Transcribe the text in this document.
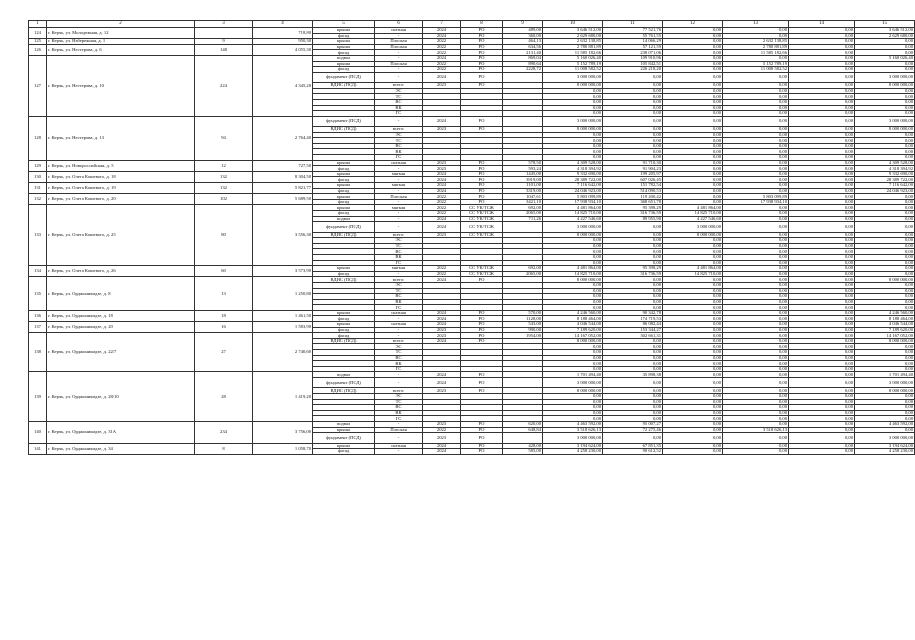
1	2	3	4	5	6	7	8	9	10	11	12	13	14	15
124	г. Керчь, ул. Молодежная, д. 12		718,80	крыша	скатная	2024	РО	489,00	3 646 512,00	77 521,76	0,00	0,00	0,00	3 646 512,00
				фасад	-	2024	РО	360,00	2 629 680,00	55 761,55	0,00	0,00	0,00	2 629 680,00
125	г. Керчь, ул. Набережная, д. 1	9	950,30	крыша	Плоская	2022	РО	464,13	2 632 138,85	14 066,29	0,00	2 632 138,85	0,00	0,00
126	г. Керчь, ул. Нестерова, д. 6	148	4 055,30	крыша	Плоская	2022	РО	634,56	2 780 881,89	57 121,59	0,00	2 780 881,89	0,00	0,00
				фасад	-	2022	РО	2131,40	11 585 182,66	238 071,06	0,00	11 585 182,66	0,00	0,00
127	г. Керчь, ул. Нестерова, д. 10	224	4 345,20	подвал	-	2024	РО	869,04	5 160 026,40	109 910,96	0,00	0,00	0,00	5 160 026,40
				крыша	Плоская	2022	РО	890,64	5 152 789,19	105 842,51	0,00	5 152 789,19	0,00	0,00
				фасад	-	2022	РО	2228,72	11 008 582,52	226 218,20	0,00	11 008 582,52	0,00	0,00
				фундамент (ПСД)	-	2024	РО		3 000 000,00	0,00	0,00	0,00	0,00	3 000 000,00
				ВДИС (ПСД)	всего:	2023	РО		8 000 000,00	0,00	0,00	0,00	0,00	8 000 000,00
					ЭС				0,00	0,00	0,00	0,00	0,00	0,00
					ТС				0,00	0,00	0,00	0,00	0,00	0,00
					ВС				0,00	0,00	0,00	0,00	0,00	0,00
					ВК				0,00	0,00	0,00	0,00	0,00	0,00
					ГС				0,00	0,00	0,00	0,00	0,00	0,00
128	г. Керчь, ул. Нестерова, д. 13	94	2 764,40	фундамент (ПСД)	-	2024	РО		3 000 000,00	0,00	0,00	0,00	0,00	3 000 000,00
				ВДИС (ПСД)	всего:	2023	РО		8 000 000,00	0,00	0,00	0,00	0,00	8 000 000,00
					ЭС				0,00	0,00	0,00	0,00	0,00	0,00
					ТС				0,00	0,00	0,00	0,00	0,00	0,00
					ВС				0,00	0,00	0,00	0,00	0,00	0,00
					ВК				0,00	0,00	0,00	0,00	0,00	0,00
					ГС				0,00	0,00	0,00	0,00	0,00	0,00
129	г. Керчь, ул. Новороссийская, д. 5	12	727,50	крыша	скатная	2023	РО	578,50	4 309 528,00	91 710,30	0,00	0,00	0,00	4 309 528,00
				фасад	-	2023	РО	593,24	4 318 394,92	91 904,23	0,00	0,00	0,00	4 318 394,92
130	г. Керчь, ул. Олега Кошевого, д. 18	132	8 304,50	крыша	мягкая	2024	РО	1445,00	9 332 690,00	199 205,97	0,00	0,00	0,00	9 332 690,00
				фасад	-	2024	РО	3919,00	28 389 722,00	607 026,45	0,00	0,00	0,00	28 389 722,00
131	г. Керчь, ул. Олега Кошевого, д. 19	132	5 821,77	крыша	мягкая	2024	РО	1101,00	7 116 642,00	151 782,54	0,00	0,00	0,00	7 116 642,00
				фасад	-	2024	РО	3319,00	24 046 923,00	514 090,53	0,00	0,00	0,00	24 046 923,00
132	г. Керчь, ул. Олега Кошевого, д. 20	102	5 689,50	крыша	Плоская	2022	РО	1047,61	5 803 099,89	119 200,42	0,00	5 803 099,89	0,00	0,00
				фасад	-	2022	РО	3421,10	17 938 934,10	368 651,78	0,00	17 938 934,10	0,00	0,00
133	г. Керчь, ул. Олега Кошевого, д. 25	80	3 556,30	крыша	мягкая	2022	СС УК/ТСЖ	692,00	4 481 864,00	95 398,29	4 481 864,00	0,00	0,00	0,00
				фасад	-	2022	СС УК/ТСЖ	2065,00	14 825 710,00	316 736,59	14 825 710,00	0,00	0,00	0,00
				подвал	-	2024	СС УК/ТСЖ	711,26	4 227 546,60	89 955,90	4 227 546,60	0,00	0,00	0,00
				фундамент (ПСД)	-	2024	СС УК/ТСЖ		3 000 000,00	0,00	3 000 000,00	0,00	0,00	0,00
				ВДИС (ПСД)	всего:	2023	СС УК/ТСЖ		8 000 000,00	0,00	8 000 000,00	0,00	0,00	0,00
					ЭС				0,00	0,00	0,00	0,00	0,00	0,00
					ТС				0,00	0,00	0,00	0,00	0,00	0,00
					ВС				0,00	0,00	0,00	0,00	0,00	0,00
					ВК				0,00	0,00	0,00	0,00	0,00	0,00
					ГС				0,00	0,00	0,00	0,00	0,00	0,00
134	г. Керчь, ул. Олега Кошевого, д. 26	60	3 573,90	крыша	мягкая	2022	СС УК/ТСЖ	692,00	4 481 864,00	95 398,29	4 481 864,00	0,00	0,00	0,00
				фасад	-	2022	СС УК/ТСЖ	2065,00	14 825 710,00	316 736,59	14 825 710,00	0,00	0,00	0,00
135	г. Керчь, ул. Орджоникидзе, д. 8	13	1 250,80	ВДИС (ПСД)	всего:	2024	РО		8 000 000,00	0,00	0,00	0,00	0,00	8 000 000,00
					ЭС				0,00	0,00	0,00	0,00	0,00	0,00
					ТС				0,00	0,00	0,00	0,00	0,00	0,00
					ВС				0,00	0,00	0,00	0,00	0,00	0,00
					ВК				0,00	0,00	0,00	0,00	0,00	0,00
					ГС				0,00	0,00	0,00	0,00	0,00	0,00
136	г. Керчь, ул. Орджоникидзе, д. 18	18	1 461,50	крыша	скатная	2024	РО	570,00	4 246 560,00	90 342,78	0,00	0,00	0,00	4 246 560,00
				фасад	-	2024	РО	1128,00	8 188 464,00	174 719,53	0,00	0,00	0,00	8 188 464,00
137	г. Керчь, ул. Орджоникидзе, д. 20	16	1 583,90	крыша	скатная	2024	РО	543,00	4 046 544,00	86 082,44	0,00	0,00	0,00	4 046 544,00
				фасад	-	2023	РО	990,00	7 189 620,00	153 344,27	0,00	0,00	0,00	7 189 620,00
138	г. Керчь, ул. Орджоникидзе, д. 22/7	27	2 740,60	фасад	-	2023	РО	1954,00	14 167 052,00	302 661,31	0,00	0,00	0,00	14 167 052,00
				ВДИС (ПСД)	всего:	2024	РО		8 000 000,00	0,00	0,00	0,00	0,00	8 000 000,00
					ЭС				0,00	0,00	0,00	0,00	0,00	0,00
					ТС				0,00	0,00	0,00	0,00	0,00	0,00
					ВС				0,00	0,00	0,00	0,00	0,00	0,00
					ВК				0,00	0,00	0,00	0,00	0,00	0,00
					ГС				0,00	0,00	0,00	0,00	0,00	0,00
139	г. Керчь, ул. Орджоникидзе, д. 28/10	28	1 419,20	подвал	-	2024	РО		1 701 494,40	35 898,38	0,00	0,00	0,00	1 701 494,40
				фундамент (ПСД)	-	2024	РО		3 000 000,00	0,00	0,00	0,00	0,00	3 000 000,00
				ВДИС (ПСД)	всего:	2023	РО		8 000 000,00	0,00	0,00	0,00	0,00	8 000 000,00
					ЭС				0,00	0,00	0,00	0,00	0,00	0,00
					ТС				0,00	0,00	0,00	0,00	0,00	0,00
					ВС				0,00	0,00	0,00	0,00	0,00	0,00
					ВК				0,00	0,00	0,00	0,00	0,00	0,00
					ГС				0,00	0,00	0,00	0,00	0,00	0,00
140	г. Керчь, ул. Орджоникидзе, д. 31А	234	3 756,00	подвал	-	2023	РО	620,00	4 463 592,00	95 007,27	0,00	0,00	0,00	4 463 592,00
				крыша	Плоская	2022	РО	648,84	3 518 626,13	72 275,46	0,00	3 518 626,13	0,00	0,00
				фундамент (ПСД)	-	2023	РО		3 000 000,00	0,00	0,00	0,00	0,00	3 000 000,00
141	г. Керчь, ул. Орджоникидзе, д. 34	8	1 058,70	крыша	скатная	2024	РО	428,00	3 194 624,00	67 851,35	0,00	0,00	0,00	3 194 624,00
				фасад	-	2024	РО	585,00	4 258 230,00	90 612,52	0,00	0,00	0,00	4 258 230,00
